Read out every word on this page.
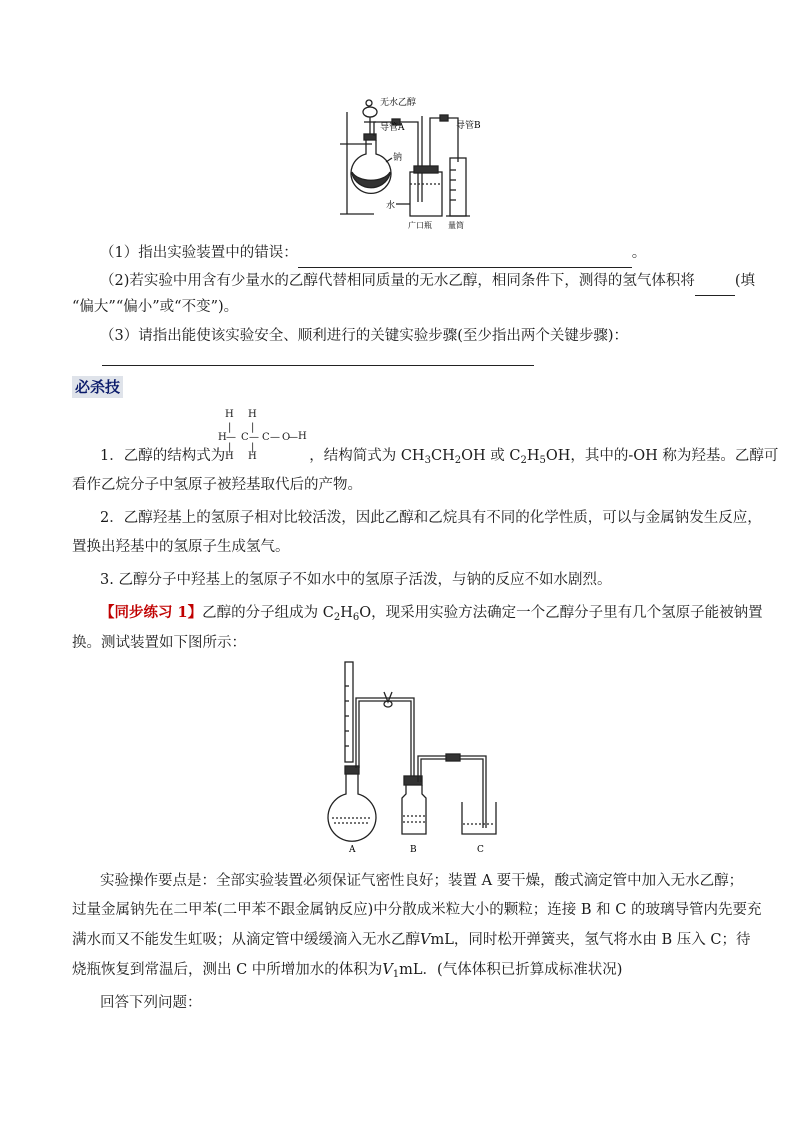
无水乙醇
导管A	导管B
钠
水
广口瓶 量筒
（1）指出实验装置中的错误：	。
（2)若实验中用含有少量水的乙醇代替相同质量的无水乙醇，相同条件下，测得的氢气体积将	(填
“偏大”“偏小”或“不变”)。
（3）请指出能使该实验安全、顺利进行的关键实验步骤(至少指出两个关键步骤)：
必杀技
H H
| |
H — C — C — O
—
| |
H H
H
1．乙醇的结构式为	，结构简式为 $CH_3CH_2OH$ 或 $C_2H_5OH$，其中的-OH 称为羟基。乙醇可
看作乙烷分子中氢原子被羟基取代后的产物。
2．乙醇羟基上的氢原子相对比较活泼，因此乙醇和乙烷具有不同的化学性质，可以与金属钠发生反应，
置换出羟基中的氢原子生成氢气。
3. 乙醇分子中羟基上的氢原子不如水中的氢原子活泼，与钠的反应不如水剧烈。
【同步练习 1】乙醇的分子组成为 $C_2H_6O$，现采用实验方法确定一个乙醇分子里有几个氢原子能被钠置
换。测试装置如下图所示：
A	B	C
实验操作要点是：全部实验装置必须保证气密性良好；装置 A 要干燥，酸式滴定管中加入无水乙醇；
过量金属钠先在二甲苯(二甲苯不跟金属钠反应)中分散成米粒大小的颗粒；连接 B 和 C 的玻璃导管内先要充
满水而又不能发生虹吸；从滴定管中缓缓滴入无水乙醇VmL，同时松开弹簧夹，氢气将水由 B 压入 C；待
烧瓶恢复到常温后，测出 C 中所增加水的体积为$V_1mL$．(气体体积已折算成标准状况)
回答下列问题：
